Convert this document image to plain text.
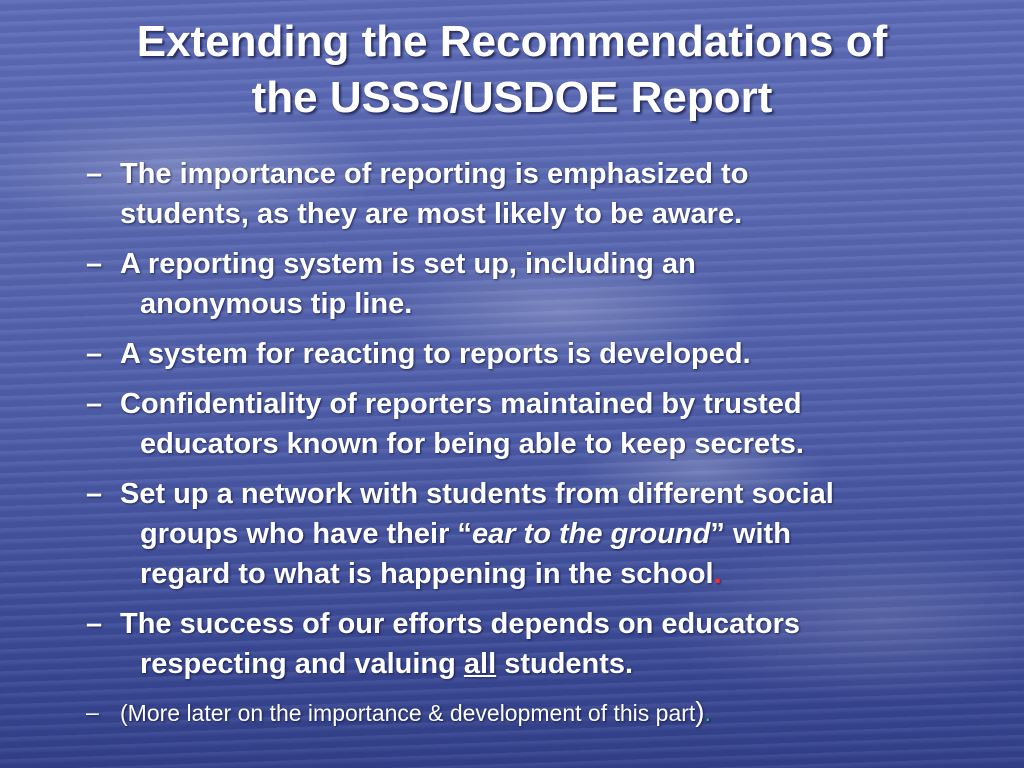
Extending the Recommendations of
the USSS/USDOE Report
– The importance of reporting is emphasized to
students, as they are most likely to be aware.
– A reporting system is set up, including an
anonymous tip line.
– A system for reacting to reports is developed.
– Confidentiality of reporters maintained by trusted
educators known for being able to keep secrets.
– Set up a network with students from different social
groups who have their “ear to the ground” with
regard to what is happening in the school.
– The success of our efforts depends on educators
respecting and valuing all students.
– (More later on the importance & development of this part).
